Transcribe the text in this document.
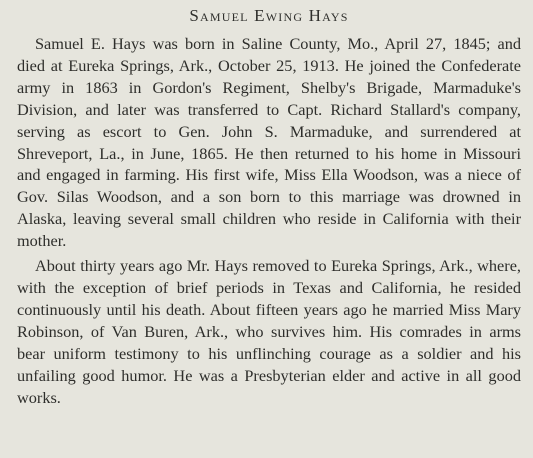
Samuel Ewing Hays

Samuel E. Hays was born in Saline County, Mo., April 27, 1845; and died at Eureka Springs, Ark., October 25, 1913. He joined the Confederate army in 1863 in Gordon's Regiment, Shelby's Brigade, Marmaduke's Division, and later was transferred to Capt. Richard Stallard's company, serving as escort to Gen. John S. Marmaduke, and surrendered at Shreveport, La., in June, 1865. He then returned to his home in Missouri and engaged in farming. His first wife, Miss Ella Woodson, was a niece of Gov. Silas Woodson, and a son born to this marriage was drowned in Alaska, leaving several small children who reside in California with their mother.

About thirty years ago Mr. Hays removed to Eureka Springs, Ark., where, with the exception of brief periods in Texas and California, he resided continuously until his death. About fifteen years ago he married Miss Mary Robinson, of Van Buren, Ark., who survives him. His comrades in arms bear uniform testimony to his unflinching courage as a soldier and his unfailing good humor. He was a Presbyterian elder and active in all good works.
